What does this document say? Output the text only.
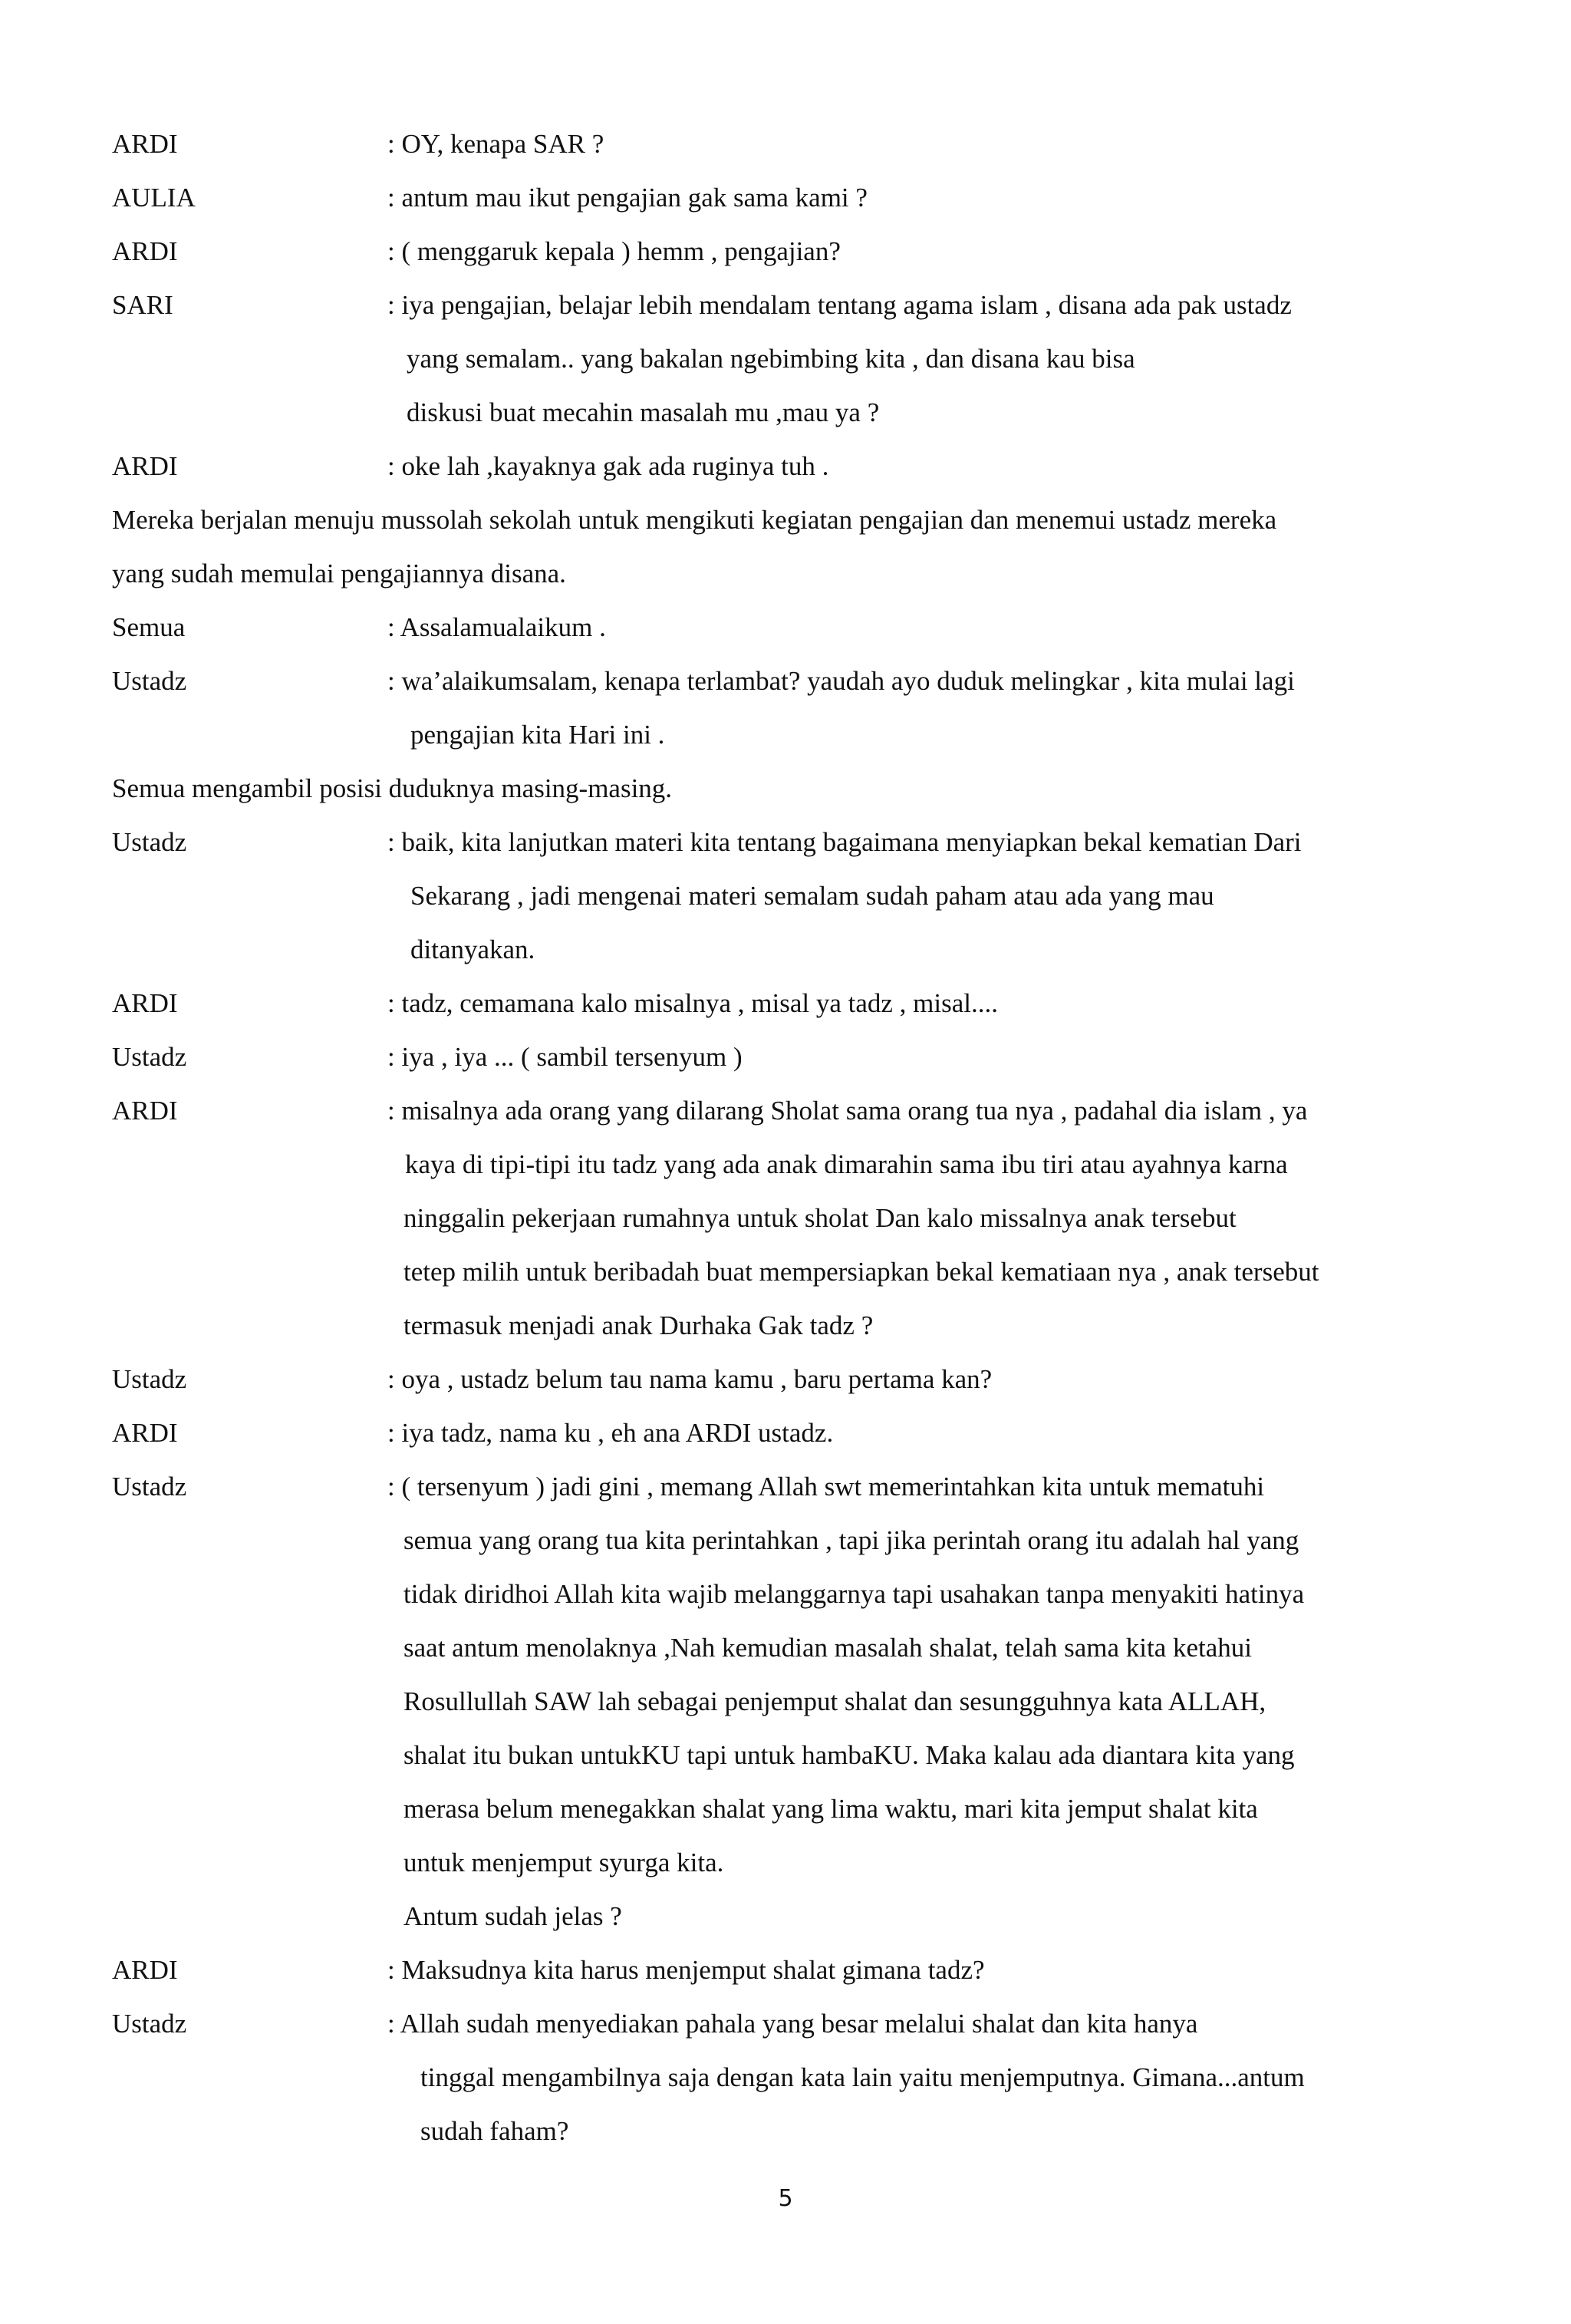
ARDI	: OY, kenapa SAR ?
AULIA	: antum mau ikut pengajian gak sama kami ?
ARDI	: ( menggaruk kepala ) hemm , pengajian?
SARI	: iya pengajian, belajar lebih mendalam tentang agama islam , disana ada pak ustadz
yang semalam.. yang bakalan ngebimbing kita , dan disana kau bisa
diskusi buat mecahin masalah mu ,mau ya ?
ARDI	: oke lah ,kayaknya gak ada ruginya tuh .
Mereka berjalan menuju mussolah sekolah untuk mengikuti kegiatan pengajian dan menemui ustadz mereka
yang sudah memulai pengajiannya disana.
Semua	: Assalamualaikum .
Ustadz	: wa’alaikumsalam, kenapa terlambat? yaudah ayo duduk melingkar , kita mulai lagi
pengajian kita Hari ini .
Semua mengambil posisi duduknya masing-masing.
Ustadz	: baik, kita lanjutkan materi kita tentang bagaimana menyiapkan bekal kematian Dari
Sekarang , jadi mengenai materi semalam sudah paham atau ada yang mau
ditanyakan.
ARDI	: tadz, cemamana kalo misalnya , misal ya tadz , misal....
Ustadz	: iya , iya ... ( sambil tersenyum )
ARDI	: misalnya ada orang yang dilarang Sholat sama orang tua nya , padahal dia islam , ya
kaya di tipi-tipi itu tadz yang ada anak dimarahin sama ibu tiri atau ayahnya karna
ninggalin pekerjaan rumahnya untuk sholat Dan kalo missalnya anak tersebut
tetep milih untuk beribadah buat mempersiapkan bekal kematiaan nya , anak tersebut
termasuk menjadi anak Durhaka Gak tadz ?
Ustadz	: oya , ustadz belum tau nama kamu , baru pertama kan?
ARDI	: iya tadz, nama ku , eh ana ARDI ustadz.
Ustadz	: ( tersenyum ) jadi gini , memang Allah swt memerintahkan kita untuk mematuhi
semua yang orang tua kita perintahkan , tapi jika perintah orang itu adalah hal yang
tidak diridhoi Allah kita wajib melanggarnya tapi usahakan tanpa menyakiti hatinya
saat antum menolaknya ,Nah kemudian masalah shalat, telah sama kita ketahui
Rosullullah SAW lah sebagai penjemput shalat dan sesungguhnya kata ALLAH,
shalat itu bukan untukKU tapi untuk hambaKU. Maka kalau ada diantara kita yang
merasa belum menegakkan shalat yang lima waktu, mari kita jemput shalat kita
untuk menjemput syurga kita.
Antum sudah jelas ?
ARDI	: Maksudnya kita harus menjemput shalat gimana tadz?
Ustadz	: Allah sudah menyediakan pahala yang besar melalui shalat dan kita hanya
tinggal mengambilnya saja dengan kata lain yaitu menjemputnya. Gimana...antum
sudah faham?
5
